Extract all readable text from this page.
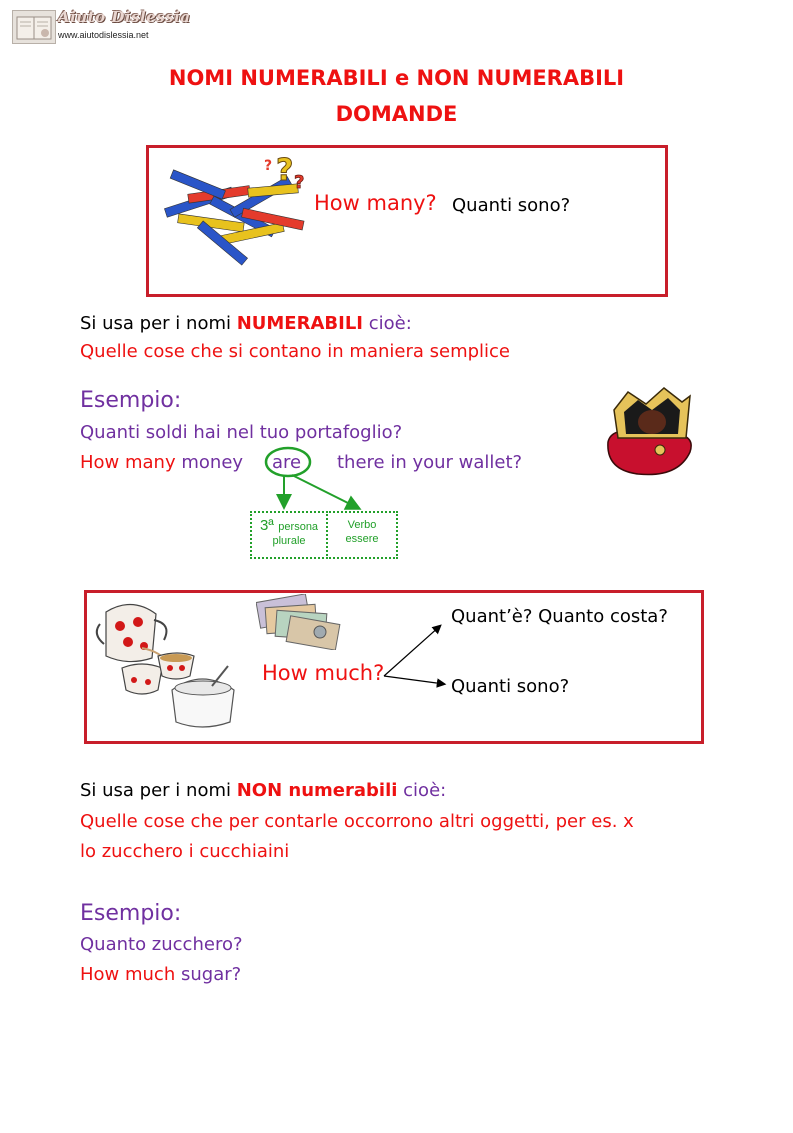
Aiuto Dislessia
www.aiutodislessia.net
NOMI NUMERABILI e NON NUMERABILI
DOMANDE
? ?
?
How many? Quanti sono?
Si usa per i nomi NUMERABILI cioè:
Quelle cose che si contano in maniera semplice
Esempio:
Quanti soldi hai nel tuo portafoglio?
How many money are there in your wallet?
3ª persona
plurale
Verbo
essere
How much?
Quant’è? Quanto costa?
Quanti sono?
Si usa per i nomi NON numerabili cioè:
Quelle cose che per contarle occorrono altri oggetti, per es. x
lo zucchero i cucchiaini
Esempio:
Quanto zucchero?
How much sugar?
